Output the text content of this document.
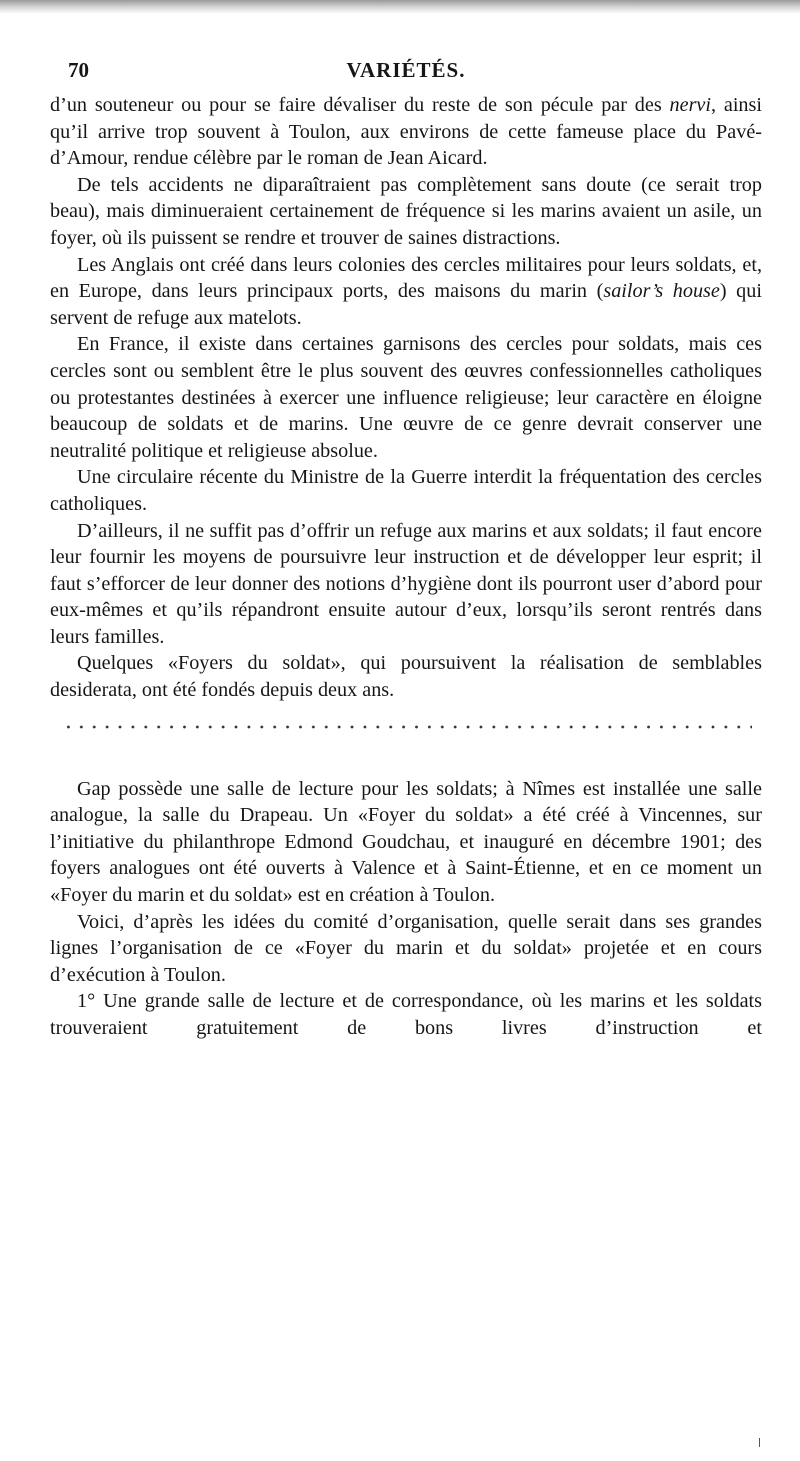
70	VARIÉTÉS.

d’un souteneur ou pour se faire dévaliser du reste de son pécule par des nervi, ainsi qu’il arrive trop souvent à Toulon, aux environs de cette fameuse place du Pavé-d’Amour, rendue célèbre par le roman de Jean Aicard.

De tels accidents ne diparaîtraient pas complètement sans doute (ce serait trop beau), mais diminueraient certainement de fréquence si les marins avaient un asile, un foyer, où ils puissent se rendre et trouver de saines distractions.

Les Anglais ont créé dans leurs colonies des cercles militaires pour leurs soldats, et, en Europe, dans leurs principaux ports, des maisons du marin (sailor’s house) qui servent de refuge aux matelots.

En France, il existe dans certaines garnisons des cercles pour soldats, mais ces cercles sont ou semblent être le plus souvent des œuvres confessionnelles catholiques ou protestantes destinées à exercer une influence religieuse; leur caractère en éloigne beaucoup de soldats et de marins. Une œuvre de ce genre devrait conserver une neutralité politique et religieuse absolue.

Une circulaire récente du Ministre de la Guerre interdit la fréquentation des cercles catholiques.

D’ailleurs, il ne suffit pas d’offrir un refuge aux marins et aux soldats; il faut encore leur fournir les moyens de poursuivre leur instruction et de développer leur esprit; il faut s’efforcer de leur donner des notions d’hygiène dont ils pourront user d’abord pour eux-mêmes et qu’ils répandront ensuite autour d’eux, lorsqu’ils seront rentrés dans leurs familles.

Quelques «Foyers du soldat», qui poursuivent la réalisation de semblables desiderata, ont été fondés depuis deux ans.

Gap possède une salle de lecture pour les soldats; à Nîmes est installée une salle analogue, la salle du Drapeau. Un «Foyer du soldat» a été créé à Vincennes, sur l’initiative du philanthrope Edmond Goudchau, et inauguré en décembre 1901; des foyers analogues ont été ouverts à Valence et à Saint-Étienne, et en ce moment un «Foyer du marin et du soldat» est en création à Toulon.

Voici, d’après les idées du comité d’organisation, quelle serait dans ses grandes lignes l’organisation de ce «Foyer du marin et du soldat» projetée et en cours d’exécution à Toulon.

1° Une grande salle de lecture et de correspondance, où les marins et les soldats trouveraient gratuitement de bons livres d’instruction et
